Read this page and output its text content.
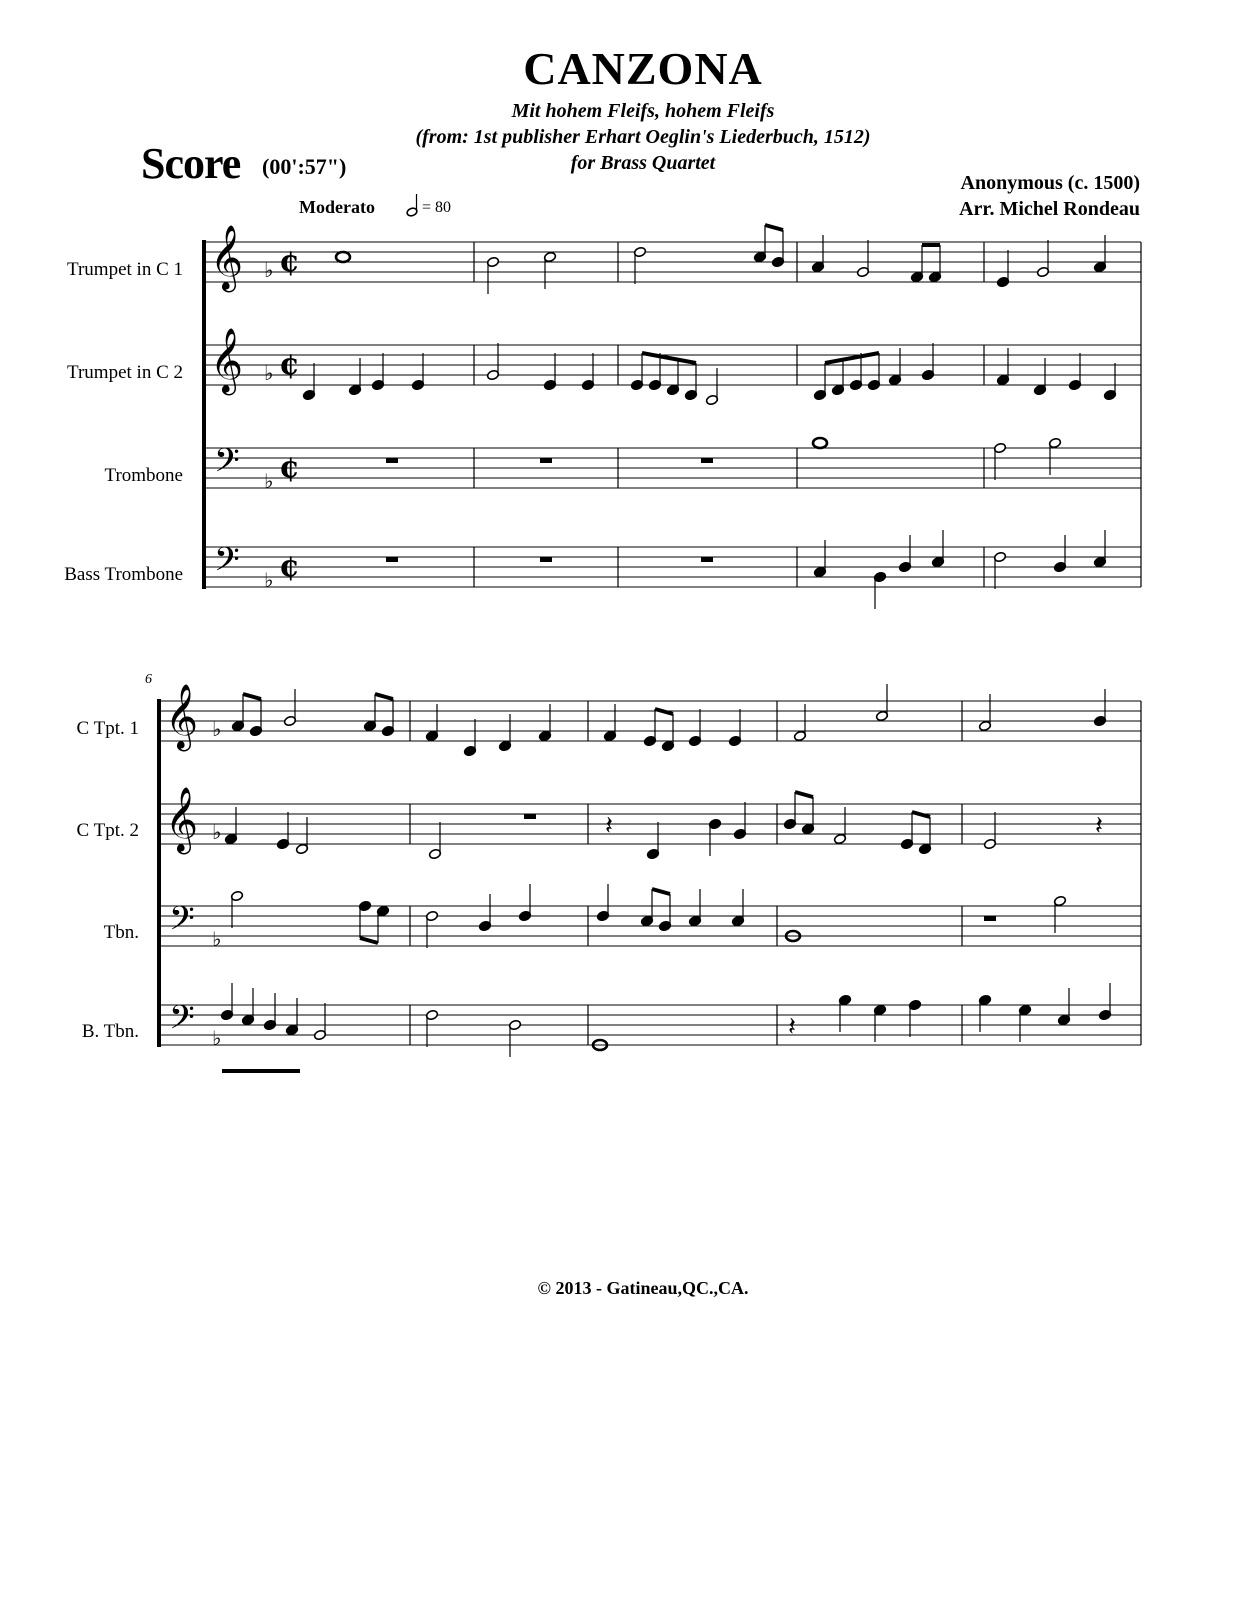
CANZONA
Mit hohem Fleifs, hohem Fleifs
(from: 1st publisher Erhart Oeglin's Liederbuch, 1512)
for Brass Quartet
Score (00':57")
Anonymous (c. 1500)
Arr. Michel Rondeau
Moderato	= 80
Trumpet in C 1
Trumpet in C 2
Trombone
Bass Trombone
C Tpt. 1
C Tpt. 2
Tbn.
B. Tbn.
6
© 2013 - Gatineau,QC.,CA.
𝄞
𝄞
𝄢
𝄢
♭
♭
♭
♭
¢
¢
¢
¢
𝄞
𝄞
𝄢
𝄢
♭
♭
♭
♭
𝄽	𝄽
𝄽
